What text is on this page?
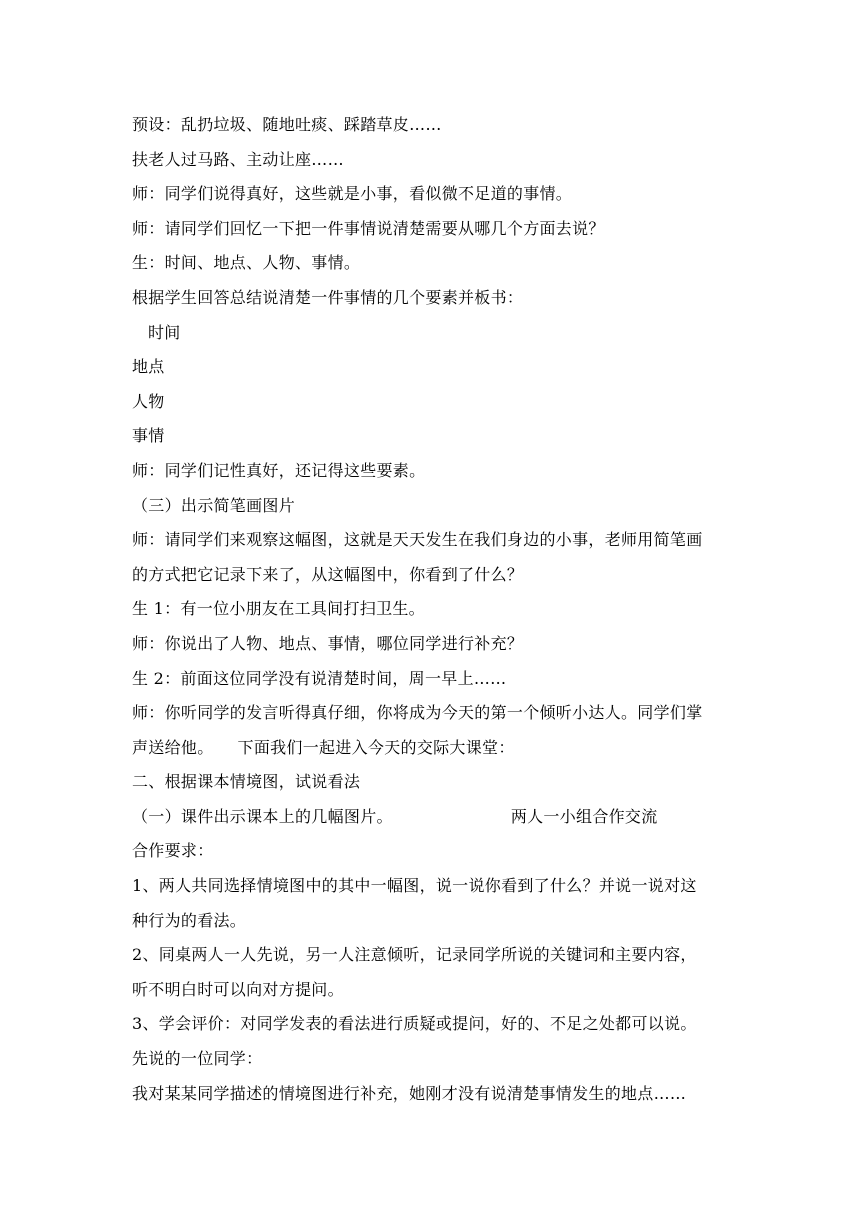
预设：乱扔垃圾、随地吐痰、踩踏草皮……
扶老人过马路、主动让座……
师：同学们说得真好，这些就是小事，看似微不足道的事情。
师：请同学们回忆一下把一件事情说清楚需要从哪几个方面去说？
生：时间、地点、人物、事情。
根据学生回答总结说清楚一件事情的几个要素并板书：
时间
地点
人物
事情
师：同学们记性真好，还记得这些要素。
（三）出示简笔画图片
师：请同学们来观察这幅图，这就是天天发生在我们身边的小事，老师用简笔画
的方式把它记录下来了，从这幅图中，你看到了什么？
生 1：有一位小朋友在工具间打扫卫生。
师：你说出了人物、地点、事情，哪位同学进行补充？
生 2：前面这位同学没有说清楚时间，周一早上……
师：你听同学的发言听得真仔细，你将成为今天的第一个倾听小达人。同学们掌
声送给他。 下面我们一起进入今天的交际大课堂：
二、根据课本情境图，试说看法
（一）课件出示课本上的几幅图片。	两人一小组合作交流
合作要求：
1、两人共同选择情境图中的其中一幅图，说一说你看到了什么？并说一说对这
种行为的看法。
2、同桌两人一人先说，另一人注意倾听，记录同学所说的关键词和主要内容，
听不明白时可以向对方提问。
3、学会评价：对同学发表的看法进行质疑或提问，好的、不足之处都可以说。
先说的一位同学：
我对某某同学描述的情境图进行补充，她刚才没有说清楚事情发生的地点……
